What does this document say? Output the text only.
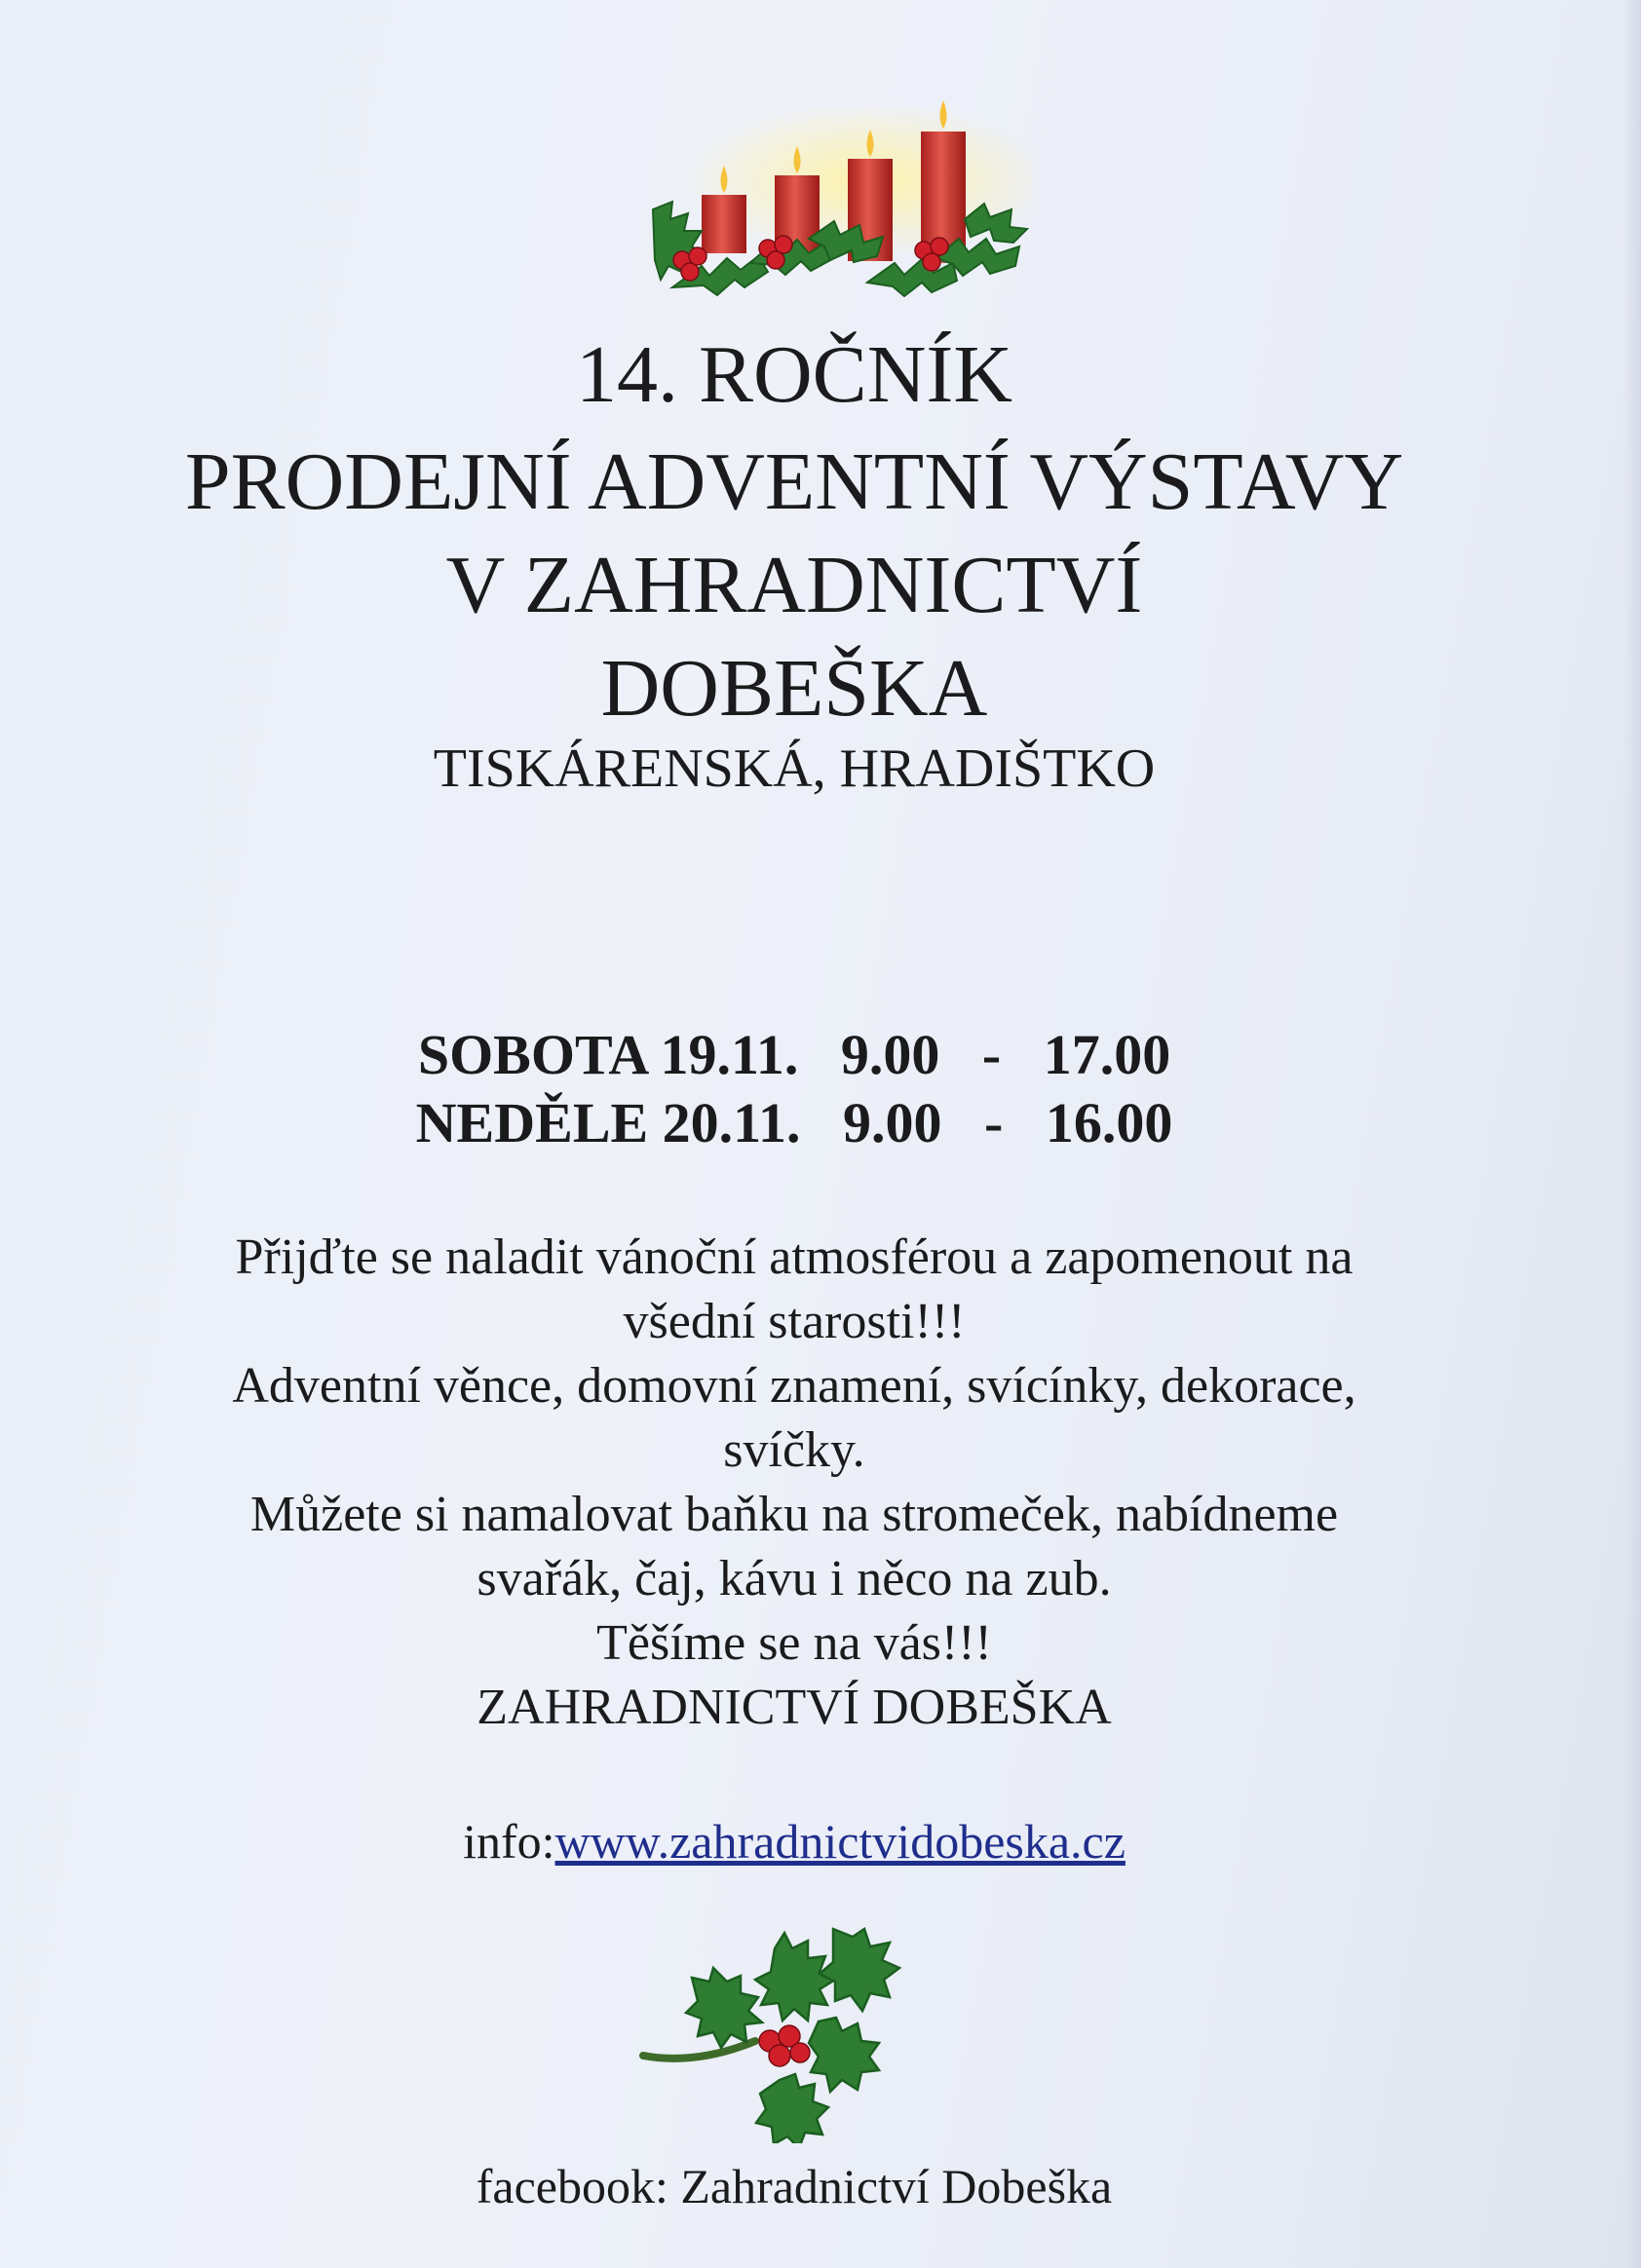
14. ROČNÍK
PRODEJNÍ ADVENTNÍ VÝSTAVY
V ZAHRADNICTVÍ
DOBEŠKA
TISKÁRENSKÁ, HRADIŠTKO
SOBOTA 19.11. 9.00 - 17.00
NEDĚLE 20.11. 9.00 - 16.00
Přijďte se naladit vánoční atmosférou a zapomenout na
všední starosti!!!
Adventní věnce, domovní znamení, svícínky, dekorace,
svíčky.
Můžete si namalovat baňku na stromeček, nabídneme
svařák, čaj, kávu i něco na zub.
Těšíme se na vás!!!
ZAHRADNICTVÍ DOBEŠKA
info:www.zahradnictvidobeska.cz
facebook: Zahradnictví Dobeška
